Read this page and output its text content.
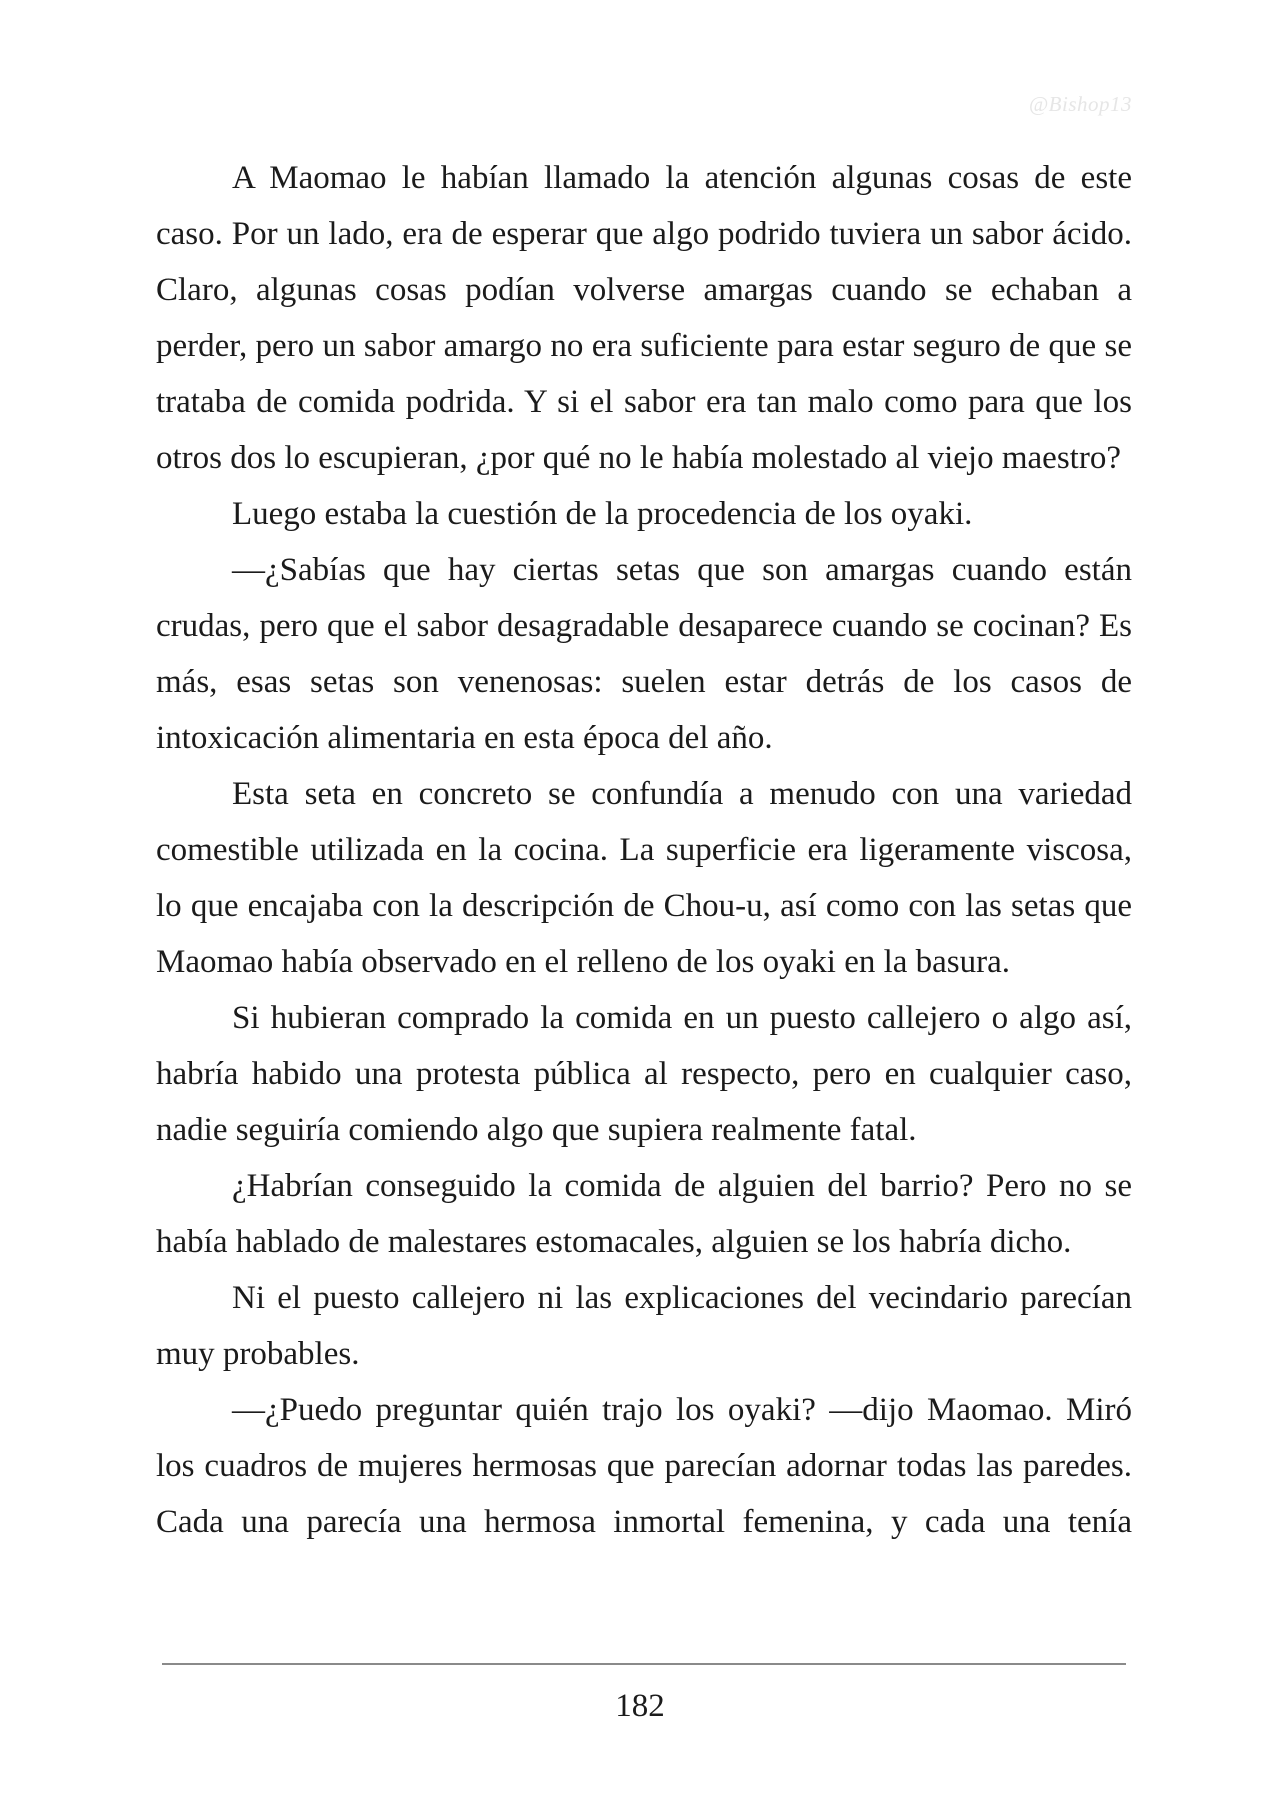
@Bishop13

A Maomao le habían llamado la atención algunas cosas de este caso. Por un lado, era de esperar que algo podrido tuviera un sabor ácido. Claro, algunas cosas podían volverse amargas cuando se echaban a perder, pero un sabor amargo no era suficiente para estar seguro de que se trataba de comida podrida. Y si el sabor era tan malo como para que los otros dos lo escupieran, ¿por qué no le había molestado al viejo maestro?

Luego estaba la cuestión de la procedencia de los oyaki.

—¿Sabías que hay ciertas setas que son amargas cuando están crudas, pero que el sabor desagradable desaparece cuando se cocinan? Es más, esas setas son venenosas: suelen estar detrás de los casos de intoxicación alimentaria en esta época del año.

Esta seta en concreto se confundía a menudo con una variedad comestible utilizada en la cocina. La superficie era ligeramente viscosa, lo que encajaba con la descripción de Chou-u, así como con las setas que Maomao había observado en el relleno de los oyaki en la basura.

Si hubieran comprado la comida en un puesto callejero o algo así, habría habido una protesta pública al respecto, pero en cualquier caso, nadie seguiría comiendo algo que supiera realmente fatal.

¿Habrían conseguido la comida de alguien del barrio? Pero no se había hablado de malestares estomacales, alguien se los habría dicho.

Ni el puesto callejero ni las explicaciones del vecindario parecían muy probables.

—¿Puedo preguntar quién trajo los oyaki? —dijo Maomao. Miró los cuadros de mujeres hermosas que parecían adornar todas las paredes. Cada una parecía una hermosa inmortal femenina, y cada una tenía

182
